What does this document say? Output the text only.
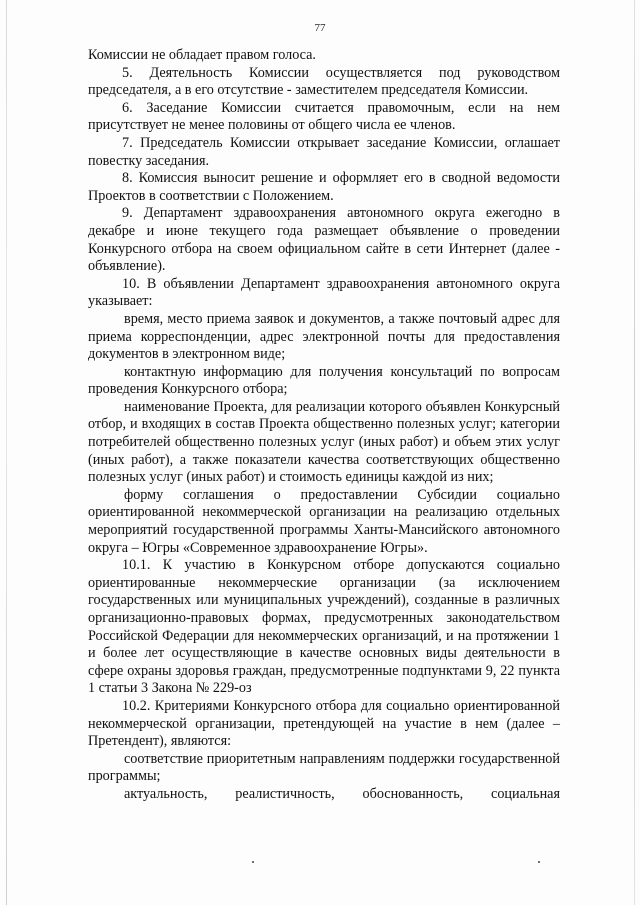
77

Комиссии не обладает правом голоса.

5. Деятельность Комиссии осуществляется под руководством председателя, а в его отсутствие - заместителем председателя Комиссии.

6. Заседание Комиссии считается правомочным, если на нем присутствует не менее половины от общего числа ее членов.

7. Председатель Комиссии открывает заседание Комиссии, оглашает повестку заседания.

8. Комиссия выносит решение и оформляет его в сводной ведомости Проектов в соответствии с Положением.

9. Департамент здравоохранения автономного округа ежегодно в декабре и июне текущего года размещает объявление о проведении Конкурсного отбора на своем официальном сайте в сети Интернет (далее - объявление).

10. В объявлении Департамент здравоохранения автономного округа указывает:

время, место приема заявок и документов, а также почтовый адрес для приема корреспонденции, адрес электронной почты для предоставления документов в электронном виде;

контактную информацию для получения консультаций по вопросам проведения Конкурсного отбора;

наименование Проекта, для реализации которого объявлен Конкурсный отбор, и входящих в состав Проекта общественно полезных услуг; категории потребителей общественно полезных услуг (иных работ) и объем этих услуг (иных работ), а также показатели качества соответствующих общественно полезных услуг (иных работ) и стоимость единицы каждой из них;

форму соглашения о предоставлении Субсидии социально ориентированной некоммерческой организации на реализацию отдельных мероприятий государственной программы Ханты-Мансийского автономного округа – Югры «Современное здравоохранение Югры».

10.1. К участию в Конкурсном отборе допускаются социально ориентированные некоммерческие организации (за исключением государственных или муниципальных учреждений), созданные в различных организационно-правовых формах, предусмотренных законодательством Российской Федерации для некоммерческих организаций, и на протяжении 1 и более лет осуществляющие в качестве основных виды деятельности в сфере охраны здоровья граждан, предусмотренные подпунктами 9, 22 пункта 1 статьи 3 Закона № 229-оз

10.2. Критериями Конкурсного отбора для социально ориентированной некоммерческой организации, претендующей на участие в нем (далее – Претендент), являются:

соответствие приоритетным направлениям поддержки государственной программы;

актуальность, реалистичность, обоснованность, социальная
